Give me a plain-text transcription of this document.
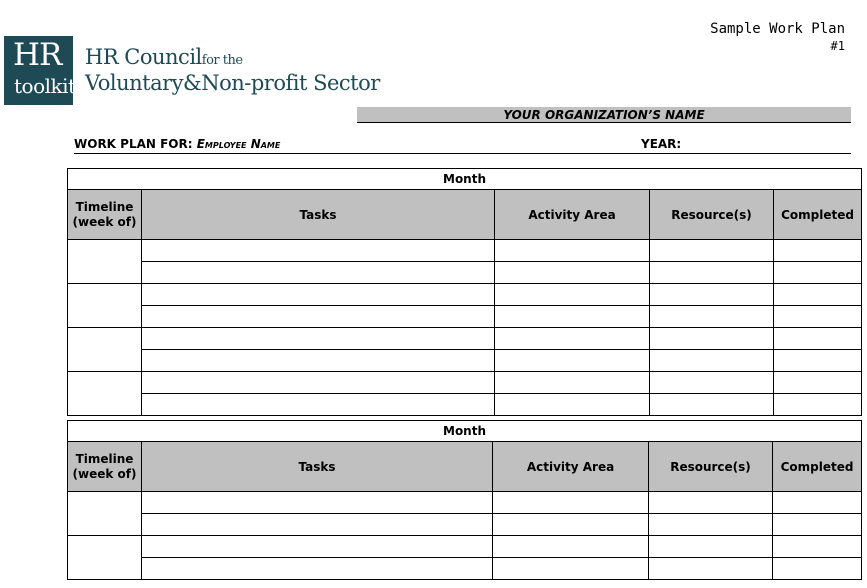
HR
toolkit
HR Councilfor the
Voluntary&Non-profit Sector
Sample Work Plan
#1
YOUR ORGANIZATION’S NAME
WORK PLAN FOR: Employee Name	YEAR:
Month				
Timeline (week of)	Tasks	Activity Area	Resource(s)	Completed

Month				
Timeline (week of)	Tasks	Activity Area	Resource(s)	Completed
